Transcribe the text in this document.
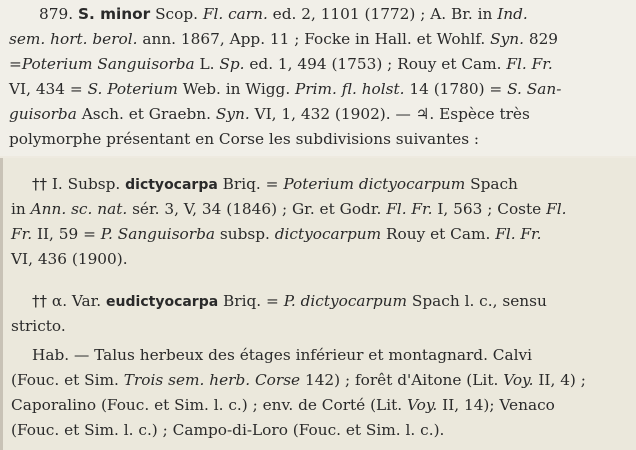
879. S. minor Scop. Fl. carn. ed. 2, 1101 (1772) ; A. Br. in Ind.
sem. hort. berol. ann. 1867, App. 11 ; Focke in Hall. et Wohlf. Syn. 829
=Poterium Sanguisorba L. Sp. ed. 1, 494 (1753) ; Rouy et Cam. Fl. Fr.
VI, 434 = S. Poterium Web. in Wigg. Prim. fl. holst. 14 (1780) = S. San-
guisorba Asch. et Graebn. Syn. VI, 1, 432 (1902). — ♃. Espèce très
polymorphe présentant en Corse les subdivisions suivantes :
†† I. Subsp. dictyocarpa Briq. = Poterium dictyocarpum Spach
in Ann. sc. nat. sér. 3, V, 34 (1846) ; Gr. et Godr. Fl. Fr. I, 563 ; Coste Fl.
Fr. II, 59 = P. Sanguisorba subsp. dictyocarpum Rouy et Cam. Fl. Fr.
VI, 436 (1900).
†† α. Var. eudictyocarpa Briq. = P. dictyocarpum Spach l. c., sensu
stricto.
Hab. — Talus herbeux des étages inférieur et montagnard. Calvi
(Fouc. et Sim. Trois sem. herb. Corse 142) ; forêt d'Aitone (Lit. Voy. II, 4) ;
Caporalino (Fouc. et Sim. l. c.) ; env. de Corté (Lit. Voy. II, 14); Venaco
(Fouc. et Sim. l. c.) ; Campo-di-Loro (Fouc. et Sim. l. c.).
